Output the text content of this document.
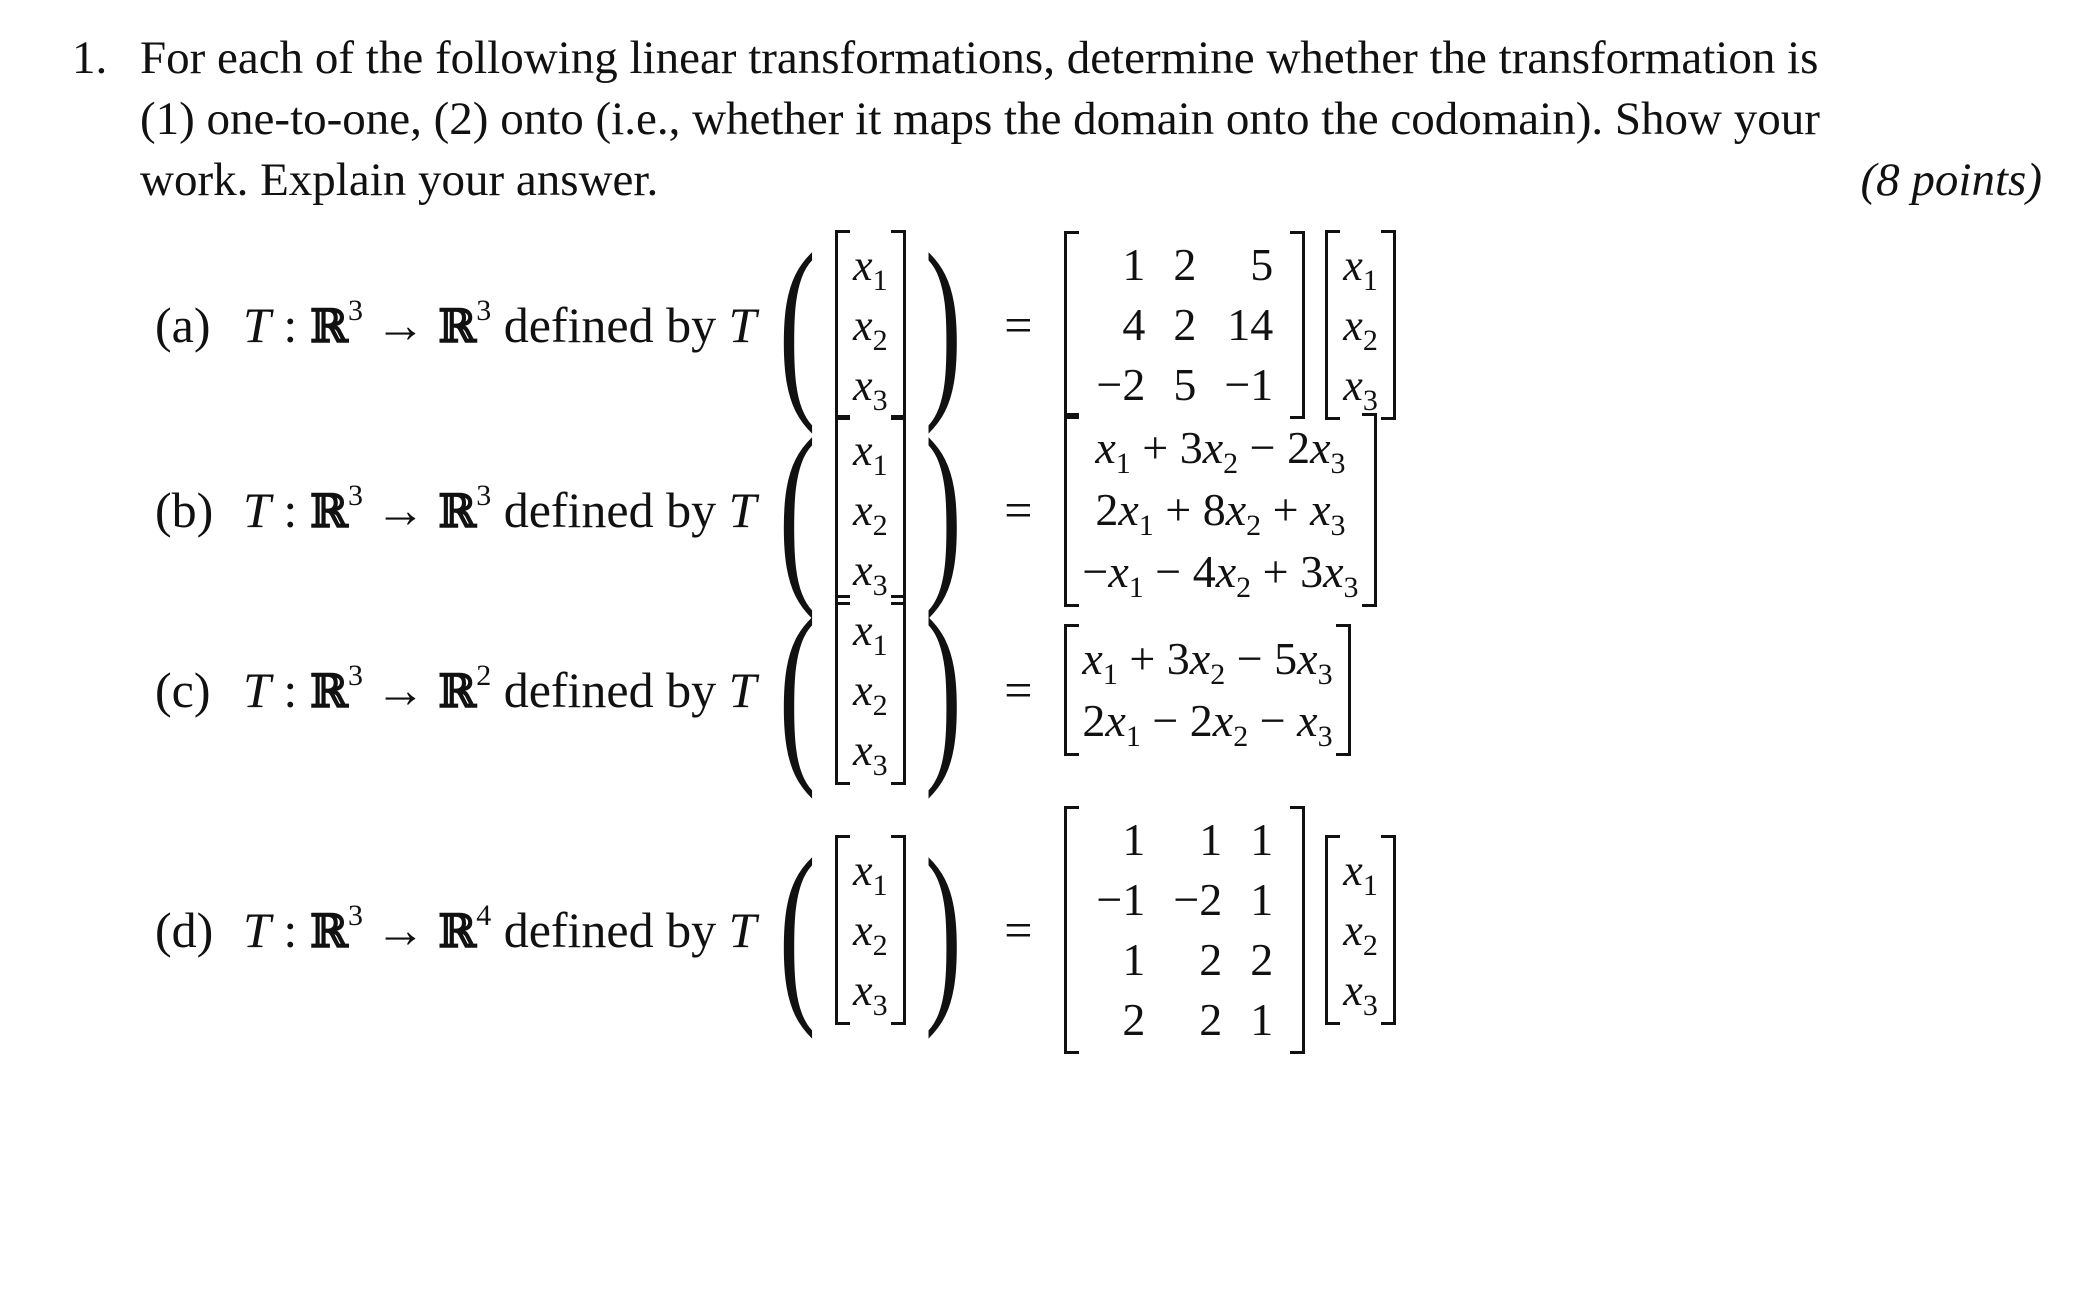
1. For each of the following linear transformations, determine whether the transformation is
(1) one-to-one, (2) onto (i.e., whether it maps the domain onto the codomain). Show your
work. Explain your answer.	(8 points)
(a) T : ℝ$^3$ → ℝ$^3$ defined by T ( $x_1$
$x_2$
$x_3$ ) =
1	2	5
4	2	14
−2	5	−1
$x_1$
$x_2$
$x_3$
(b) T : ℝ$^3$ → ℝ$^3$ defined by T ( $x_1$
$x_2$
$x_3$ ) =
$x_1 + 3x_2 - 2x_3$
$2x_1 + 8x_2 + x_3$
$-x_1 - 4x_2 + 3x_3$
(c) T : ℝ$^3$ → ℝ$^2$ defined by T ( $x_1$
$x_2$
$x_3$ ) =
$x_1 + 3x_2 - 5x_3$
$2x_1 - 2x_2 - x_3$
(d) T : ℝ$^3$ → ℝ$^4$ defined by T ( $x_1$
$x_2$
$x_3$ ) =
1	1	1
−1	−2	1
1	2	2
2	2	1
$x_1$
$x_2$
$x_3$
